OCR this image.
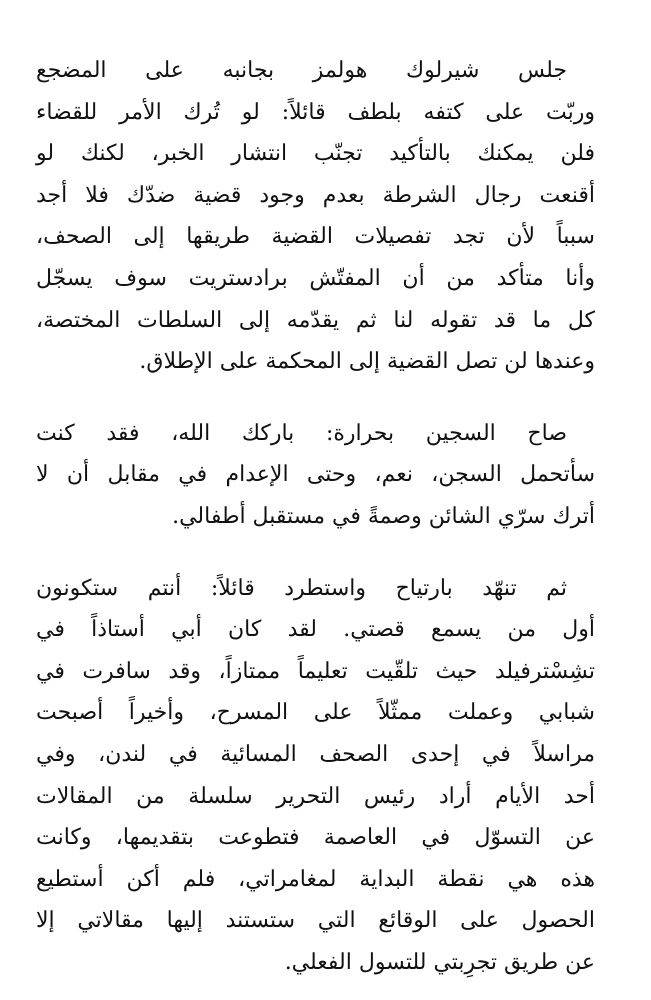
جلس شيرلوك هولمز بجانبه على المضجع
وربّت على كتفه بلطف قائلاً: لو تُرك الأمر للقضاء
فلن يمكنك بالتأكيد تجنّب انتشار الخبر، لكنك لو
أقنعت رجال الشرطة بعدم وجود قضية ضدّك فلا أجد
سبباً لأن تجد تفصيلات القضية طريقها إلى الصحف،
وأنا متأكد من أن المفتّش برادستريت سوف يسجّل
كل ما قد تقوله لنا ثم يقدّمه إلى السلطات المختصة،
وعندها لن تصل القضية إلى المحكمة على الإطلاق.
صاح السجين بحرارة: باركك الله، فقد كنت
سأتحمل السجن، نعم، وحتى الإعدام في مقابل أن لا
أترك سرّي الشائن وصمةً في مستقبل أطفالي.
ثم تنهّد بارتياح واستطرد قائلاً: أنتم ستكونون
أول من يسمع قصتي. لقد كان أبي أستاذاً في
تشِسْترفيلد حيث تلقّيت تعليماً ممتازاً، وقد سافرت في
شبابي وعملت ممثّلاً على المسرح، وأخيراً أصبحت
مراسلاً في إحدى الصحف المسائية في لندن، وفي
أحد الأيام أراد رئيس التحرير سلسلة من المقالات
عن التسوّل في العاصمة فتطوعت بتقديمها، وكانت
هذه هي نقطة البداية لمغامراتي، فلم أكن أستطيع
الحصول على الوقائع التي ستستند إليها مقالاتي إلا
عن طريق تجرِبتي للتسول الفعلي.
